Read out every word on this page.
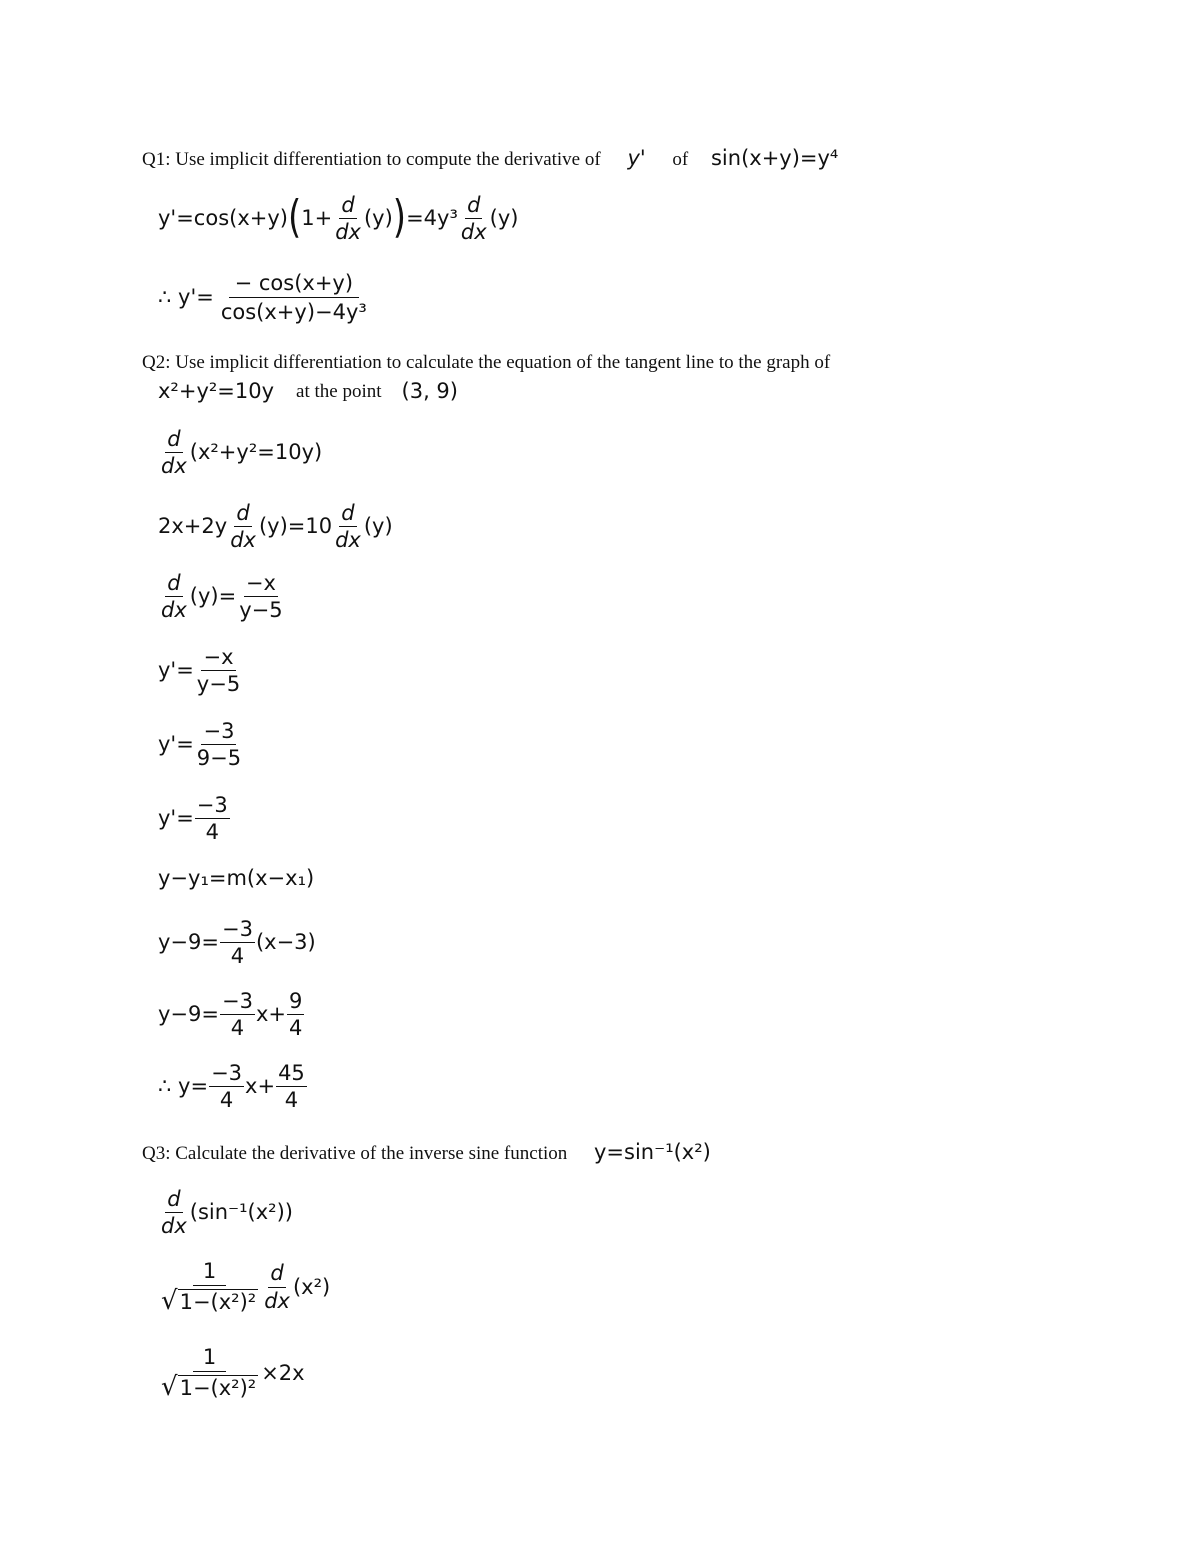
Q1: Use implicit differentiation to compute the derivative of y' of sin(x+y)=y⁴
y'=cos(x+y) ( $1+ \frac{d}{dx} (y)$ ) $=4y^3 \frac{d}{dx} (y)$
∴ $y'= \frac{- \cos(x+y)}{\text{cos(x+y)−4y³}}$
Q2: Use implicit differentiation to calculate the equation of the tangent line to the graph of
x²+y²=10y at the point (3, 9)
$\frac{d}{dx} (x^2+y^2=10y)$
$2x+2y \frac{d}{dx} (y)=10 \frac{d}{dx} (y)$
$\frac{d}{dx} (y)= \frac{-x}{y-5}$
$y'= \frac{-x}{y-5}$
$y'= \frac{-3}{9-5}$
$y'= \frac{-3}{4}$
y−y₁=m(x−x₁)
$y-9= \frac{-3}{4} (x-3)$
$y-9= \frac{-3}{4} x+ \frac{9}{4}$
∴ $y= \frac{-3}{4} x+ \frac{45}{4}$
Q3: Calculate the derivative of the inverse sine function y=sin⁻¹(x²)
$\frac{d}{dx} (\sin^{-1}(x^2))$
1
√ $1-(x^2)^2 \frac{d}{dx} (x^2)$
$\frac{1}{\text{√ 1−(x²)²}} \times 2x$
